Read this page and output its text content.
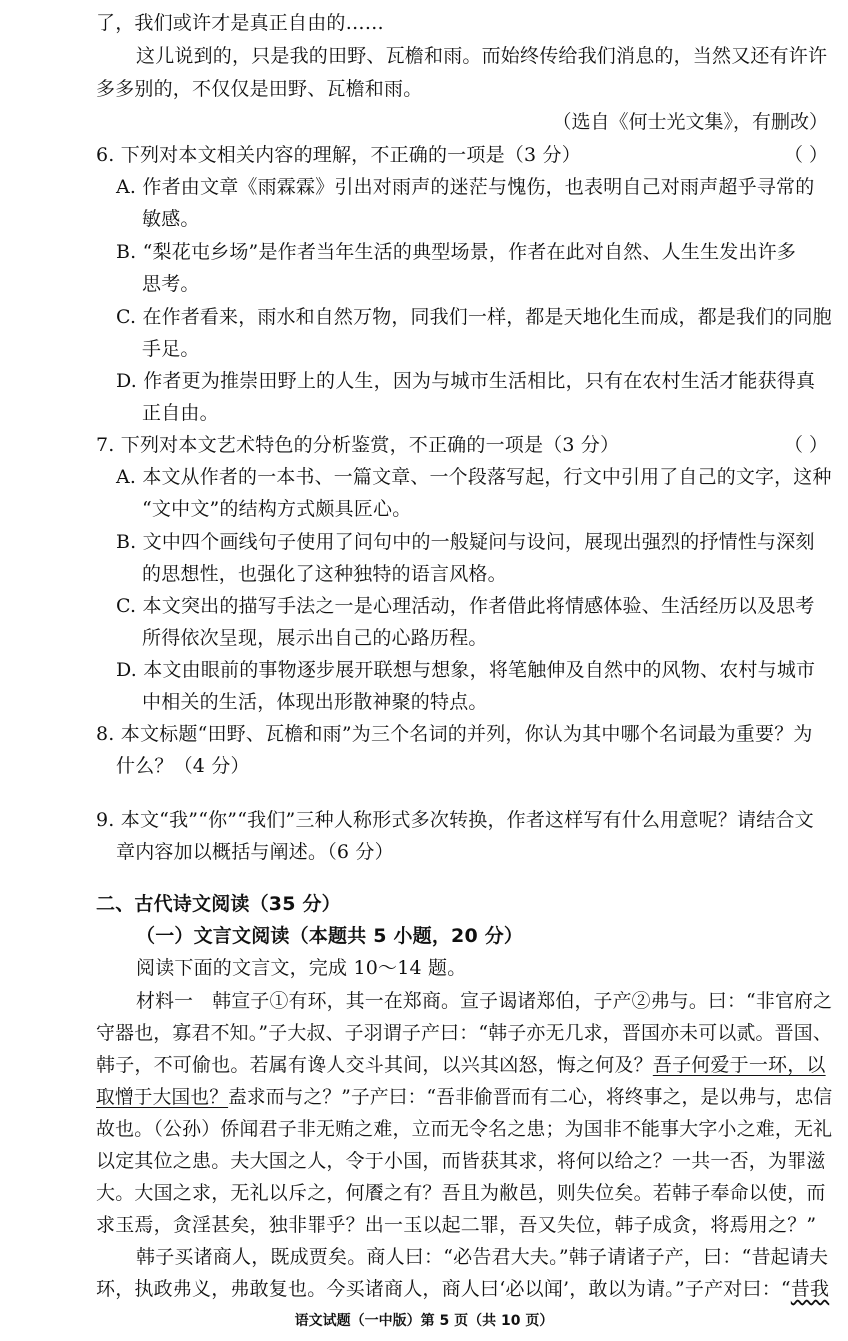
了，我们或许才是真正自由的……
这儿说到的，只是我的田野、瓦檐和雨。而始终传给我们消息的，当然又还有许许
多多别的，不仅仅是田野、瓦檐和雨。
（选自《何士光文集》，有删改）
6. 下列对本文相关内容的理解，不正确的一项是（3 分）	（ ）
A. 作者由文章《雨霖霖》引出对雨声的迷茫与愧伤，也表明自己对雨声超乎寻常的
敏感。
B. “梨花屯乡场”是作者当年生活的典型场景，作者在此对自然、人生生发出许多
思考。
C. 在作者看来，雨水和自然万物，同我们一样，都是天地化生而成，都是我们的同胞
手足。
D. 作者更为推崇田野上的人生，因为与城市生活相比，只有在农村生活才能获得真
正自由。
7. 下列对本文艺术特色的分析鉴赏，不正确的一项是（3 分）	（ ）
A. 本文从作者的一本书、一篇文章、一个段落写起，行文中引用了自己的文字，这种
“文中文”的结构方式颇具匠心。
B. 文中四个画线句子使用了问句中的一般疑问与设问，展现出强烈的抒情性与深刻
的思想性，也强化了这种独特的语言风格。
C. 本文突出的描写手法之一是心理活动，作者借此将情感体验、生活经历以及思考
所得依次呈现，展示出自己的心路历程。
D. 本文由眼前的事物逐步展开联想与想象，将笔触伸及自然中的风物、农村与城市
中相关的生活，体现出形散神聚的特点。
8. 本文标题“田野、瓦檐和雨”为三个名词的并列，你认为其中哪个名词最为重要？为
什么？（4 分）
9. 本文“我”“你”“我们”三种人称形式多次转换，作者这样写有什么用意呢？请结合文
章内容加以概括与阐述。（6 分）
二、古代诗文阅读（35 分）
（一）文言文阅读（本题共 5 小题，20 分）
阅读下面的文言文，完成 10～14 题。
材料一　韩宣子①有环，其一在郑商。宣子谒诸郑伯，子产②弗与。曰：“非官府之
守器也，寡君不知。”子大叔、子羽谓子产曰：“韩子亦无几求，晋国亦未可以贰。晋国、
韩子，不可偷也。若属有谗人交斗其间，以兴其凶怒，悔之何及？吾子何爱于一环，以
取憎于大国也？盍求而与之？”子产曰：“吾非偷晋而有二心，将终事之，是以弗与，忠信
故也。（公孙）侨闻君子非无贿之难，立而无令名之患；为国非不能事大字小之难，无礼
以定其位之患。夫大国之人，令于小国，而皆获其求，将何以给之？一共一否，为罪滋
大。大国之求，无礼以斥之，何餍之有？吾且为敝邑，则失位矣。若韩子奉命以使，而
求玉焉，贪淫甚矣，独非罪乎？出一玉以起二罪，吾又失位，韩子成贪，将焉用之？”
韩子买诸商人，既成贾矣。商人曰：“必告君大夫。”韩子请诸子产，曰：“昔起请夫
环，执政弗义，弗敢复也。今买诸商人，商人曰‘必以闻’，敢以为请。”子产对曰：“昔我
语文试题（一中版）第 5 页（共 10 页）
